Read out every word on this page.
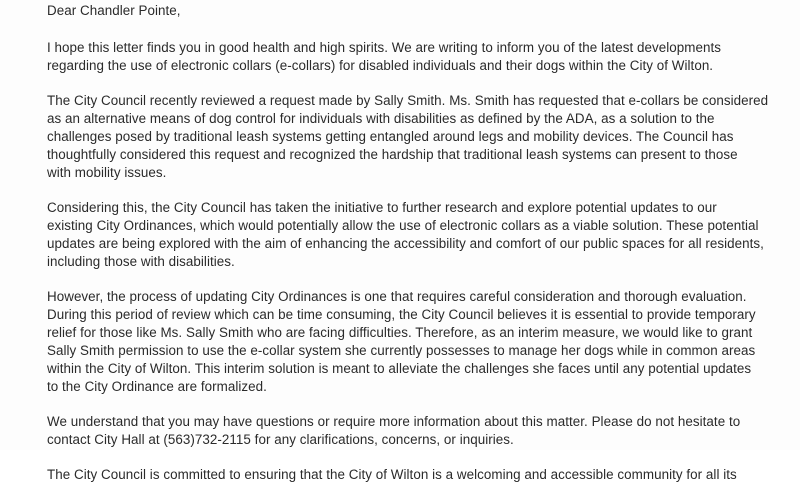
Dear Chandler Pointe,
I hope this letter finds you in good health and high spirits. We are writing to inform you of the latest developments
regarding the use of electronic collars (e-collars) for disabled individuals and their dogs within the City of Wilton.
The City Council recently reviewed a request made by Sally Smith. Ms. Smith has requested that e-collars be considered
as an alternative means of dog control for individuals with disabilities as defined by the ADA, as a solution to the
challenges posed by traditional leash systems getting entangled around legs and mobility devices. The Council has
thoughtfully considered this request and recognized the hardship that traditional leash systems can present to those
with mobility issues.
Considering this, the City Council has taken the initiative to further research and explore potential updates to our
existing City Ordinances, which would potentially allow the use of electronic collars as a viable solution. These potential
updates are being explored with the aim of enhancing the accessibility and comfort of our public spaces for all residents,
including those with disabilities.
However, the process of updating City Ordinances is one that requires careful consideration and thorough evaluation.
During this period of review which can be time consuming, the City Council believes it is essential to provide temporary
relief for those like Ms. Sally Smith who are facing difficulties. Therefore, as an interim measure, we would like to grant
Sally Smith permission to use the e-collar system she currently possesses to manage her dogs while in common areas
within the City of Wilton. This interim solution is meant to alleviate the challenges she faces until any potential updates
to the City Ordinance are formalized.
We understand that you may have questions or require more information about this matter. Please do not hesitate to
contact City Hall at (563)732-2115 for any clarifications, concerns, or inquiries.
The City Council is committed to ensuring that the City of Wilton is a welcoming and accessible community for all its
